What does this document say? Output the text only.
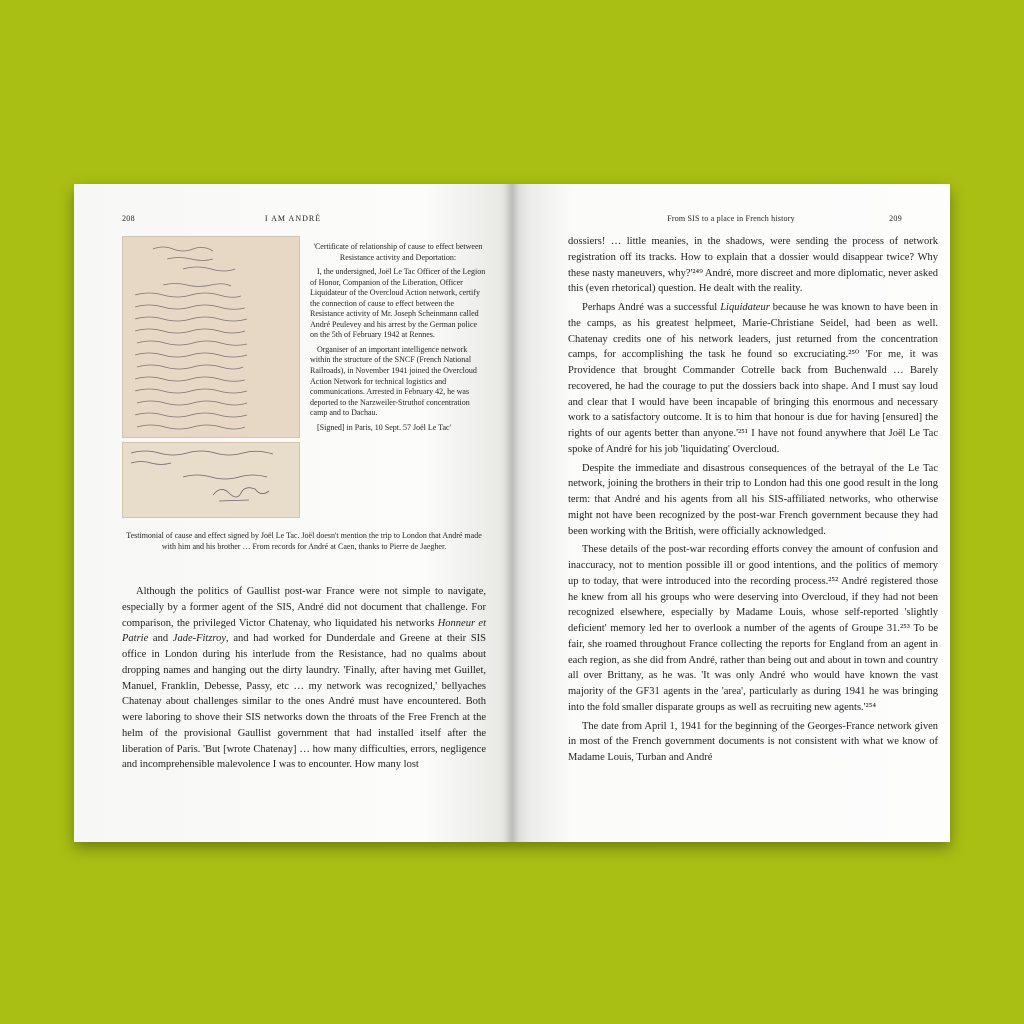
208	I AM ANDRÉ

'Certificate of relationship of cause to effect between Resistance activity and Deportation:

I, the undersigned, Joël Le Tac Officer of the Legion of Honor, Companion of the Liberation, Officer Liquidateur of the Overcloud Action network, certify the connection of cause to effect between the Resistance activity of Mr. Joseph Scheinmann called André Peulevey and his arrest by the German police on the 5th of February 1942 at Rennes.

Organiser of an important intelligence network within the structure of the SNCF (French National Railroads), in November 1941 joined the Overcloud Action Network for technical logistics and communications. Arrested in February 42, he was deported to the Narzweiler-Struthof concentration camp and to Dachau.

[Signed] in Paris, 10 Sept. 57 Joël Le Tac'

Testimonial of cause and effect signed by Joël Le Tac. Joël doesn't mention the trip to London that André made with him and his brother … From records for André at Caen, thanks to Pierre de Jaegher.

Although the politics of Gaullist post-war France were not simple to navigate, especially by a former agent of the SIS, André did not document that challenge. For comparison, the privileged Victor Chatenay, who liquidated his networks Honneur et Patrie and Jade-Fitzroy, and had worked for Dunderdale and Greene at their SIS office in London during his interlude from the Resistance, had no qualms about dropping names and hanging out the dirty laundry. 'Finally, after having met Guillet, Manuel, Franklin, Debesse, Passy, etc … my network was recognized,' bellyaches Chatenay about challenges similar to the ones André must have encountered. Both were laboring to shove their SIS networks down the throats of the Free French at the helm of the provisional Gaullist government that had installed itself after the liberation of Paris. 'But [wrote Chatenay] … how many difficulties, errors, negligence and incomprehensible malevolence I was to encounter. How many lost

From SIS to a place in French history	209

dossiers! … little meanies, in the shadows, were sending the process of network registration off its tracks. How to explain that a dossier would disappear twice? Why these nasty maneuvers, why?'²⁴⁹ André, more discreet and more diplomatic, never asked this (even rhetorical) question. He dealt with the reality.

Perhaps André was a successful Liquidateur because he was known to have been in the camps, as his greatest helpmeet, Marie-Christiane Seidel, had been as well. Chatenay credits one of his network leaders, just returned from the concentration camps, for accomplishing the task he found so excruciating.²⁵⁰ 'For me, it was Providence that brought Commander Cotrelle back from Buchenwald … Barely recovered, he had the courage to put the dossiers back into shape. And I must say loud and clear that I would have been incapable of bringing this enormous and necessary work to a satisfactory outcome. It is to him that honour is due for having [ensured] the rights of our agents better than anyone.'²⁵¹ I have not found anywhere that Joël Le Tac spoke of André for his job 'liquidating' Overcloud.

Despite the immediate and disastrous consequences of the betrayal of the Le Tac network, joining the brothers in their trip to London had this one good result in the long term: that André and his agents from all his SIS-affiliated networks, who otherwise might not have been recognized by the post-war French government because they had been working with the British, were officially acknowledged.

These details of the post-war recording efforts convey the amount of confusion and inaccuracy, not to mention possible ill or good intentions, and the politics of memory up to today, that were introduced into the recording process.²⁵² André registered those he knew from all his groups who were deserving into Overcloud, if they had not been recognized elsewhere, especially by Madame Louis, whose self-reported 'slightly deficient' memory led her to overlook a number of the agents of Groupe 31.²⁵³ To be fair, she roamed throughout France collecting the reports for England from an agent in each region, as she did from André, rather than being out and about in town and country all over Brittany, as he was. 'It was only André who would have known the vast majority of the GF31 agents in the 'area', particularly as during 1941 he was bringing into the fold smaller disparate groups as well as recruiting new agents.'²⁵⁴

The date from April 1, 1941 for the beginning of the Georges-France network given in most of the French government documents is not consistent with what we know of Madame Louis, Turban and André
